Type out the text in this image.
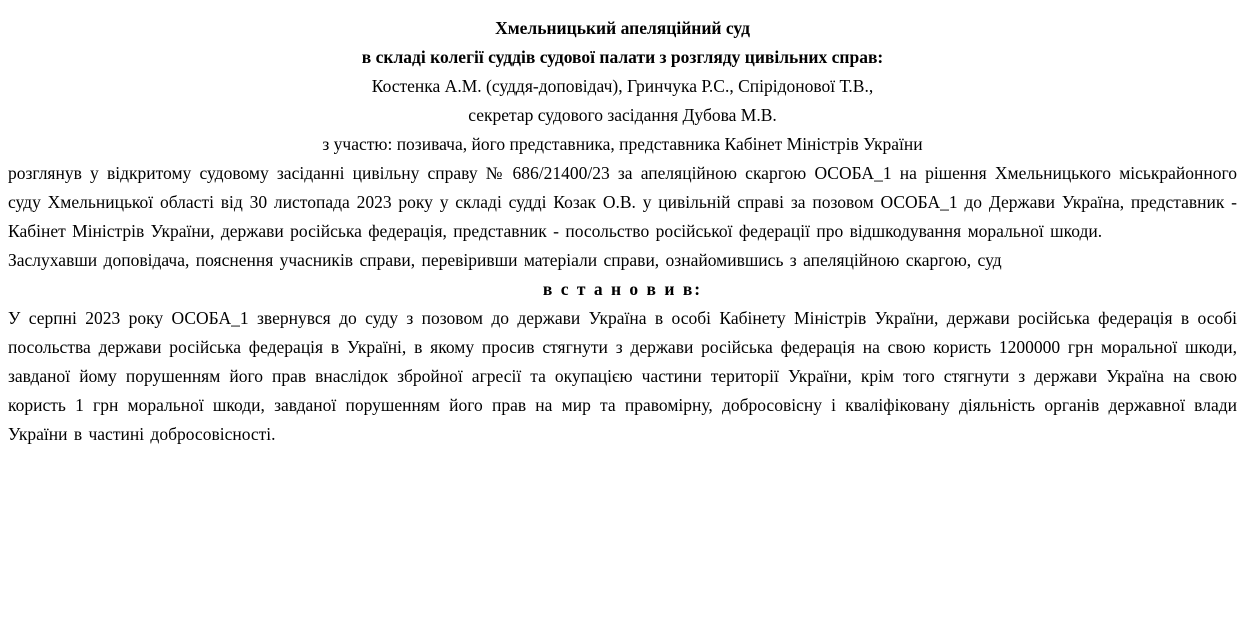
Хмельницький апеляційний суд

в складі колегії суддів судової палати з розгляду цивільних справ:

Костенка А.М. (суддя-доповідач), Гринчука Р.С., Спірідонової Т.В.,

секретар судового засідання Дубова М.В.

з участю: позивача, його представника, представника Кабінет Міністрів України

розглянув у відкритому судовому засіданні цивільну справу № 686/21400/23 за апеляційною скаргою ОСОБА_1 на рішення Хмельницького міськрайонного суду Хмельницької області від 30 листопада 2023 року у складі судді Козак О.В. у цивільній справі за позовом ОСОБА_1 до Держави Україна, представник - Кабінет Міністрів України, держави російська федерація, представник - посольство російської федерації про відшкодування моральної шкоди.

Заслухавши доповідача, пояснення учасників справи, перевіривши матеріали справи, ознайомившись з апеляційною скаргою, суд

в с т а н о в и в:

У серпні 2023 року ОСОБА_1 звернувся до суду з позовом до держави Україна в особі Кабінету Міністрів України, держави російська федерація в особі посольства держави російська федерація в Україні, в якому просив стягнути з держави російська федерація на свою користь 1200000 грн моральної шкоди, завданої йому порушенням його прав внаслідок збройної агресії та окупацією частини території України, крім того стягнути з держави Україна на свою користь 1 грн моральної шкоди, завданої порушенням його прав на мир та правомірну, добросовісну і кваліфіковану діяльність органів державної влади України в частині добросовісності.
